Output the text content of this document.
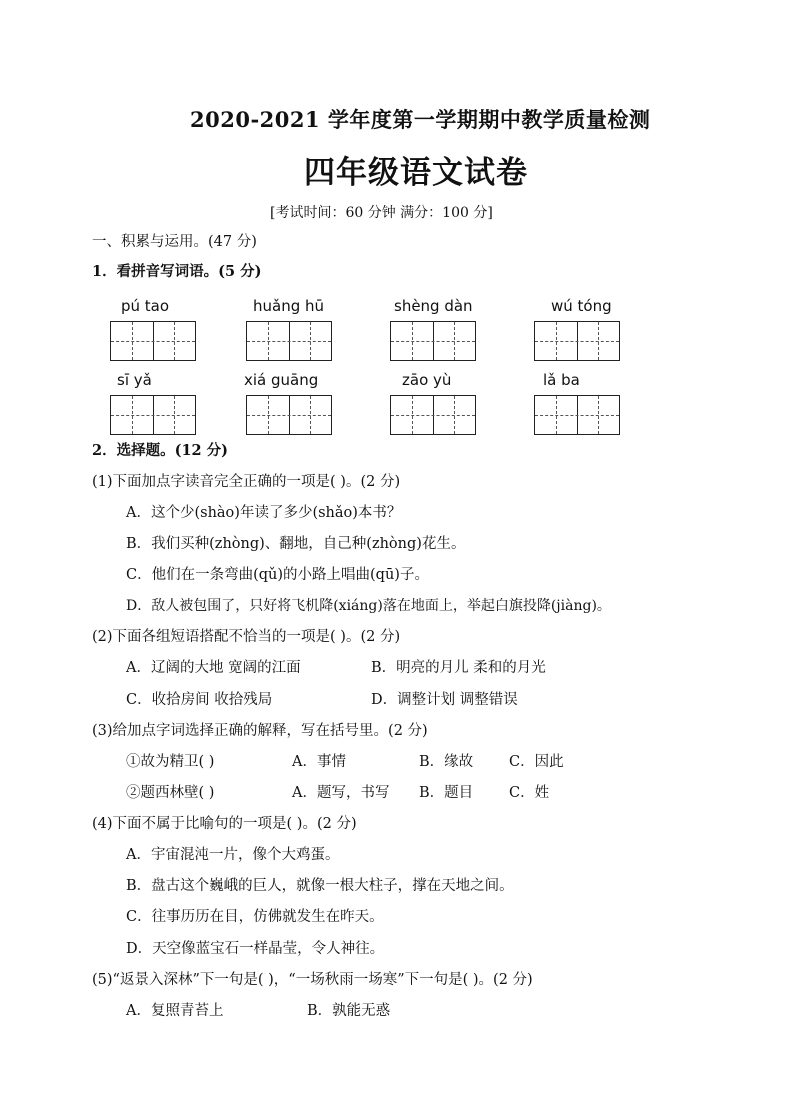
2020-2021 学年度第一学期期中教学质量检测
四年级语文试卷
[考试时间：60 分钟 满分：100 分]
一、积累与运用。(47 分)
1．看拼音写词语。(5 分)
pú tao	huǎng hū	shèng dàn	wú tóng
sī yǎ	xiá guāng	zāo yù	lǎ ba
2．选择题。(12 分)
(1)下面加点字读音完全正确的一项是( )。(2 分)
A．这个少(shào)年读了多少(shǎo)本书？
B．我们买种(zhòng)、翻地，自己种(zhòng)花生。
C．他们在一条弯曲(qǔ)的小路上唱曲(qū)子。
D．敌人被包围了，只好将飞机降(xiáng)落在地面上，举起白旗投降(jiàng)。
(2)下面各组短语搭配不恰当的一项是( )。(2 分)
A．辽阔的大地 宽阔的江面	B．明亮的月儿 柔和的月光
C．收拾房间 收拾残局	D．调整计划 调整错误
(3)给加点字词选择正确的解释，写在括号里。(2 分)
①故为精卫( )	A．事情	B．缘故 C．因此
②题西林壁( )	A．题写，书写 B．题目 C．姓
(4)下面不属于比喻句的一项是( )。(2 分)
A．宇宙混沌一片，像个大鸡蛋。
B．盘古这个巍峨的巨人，就像一根大柱子，撑在天地之间。
C．往事历历在目，仿佛就发生在昨天。
D．天空像蓝宝石一样晶莹，令人神往。
(5)“返景入深林”下一句是( )，“一场秋雨一场寒”下一句是( )。(2 分)
A．复照青苔上	B．孰能无惑
